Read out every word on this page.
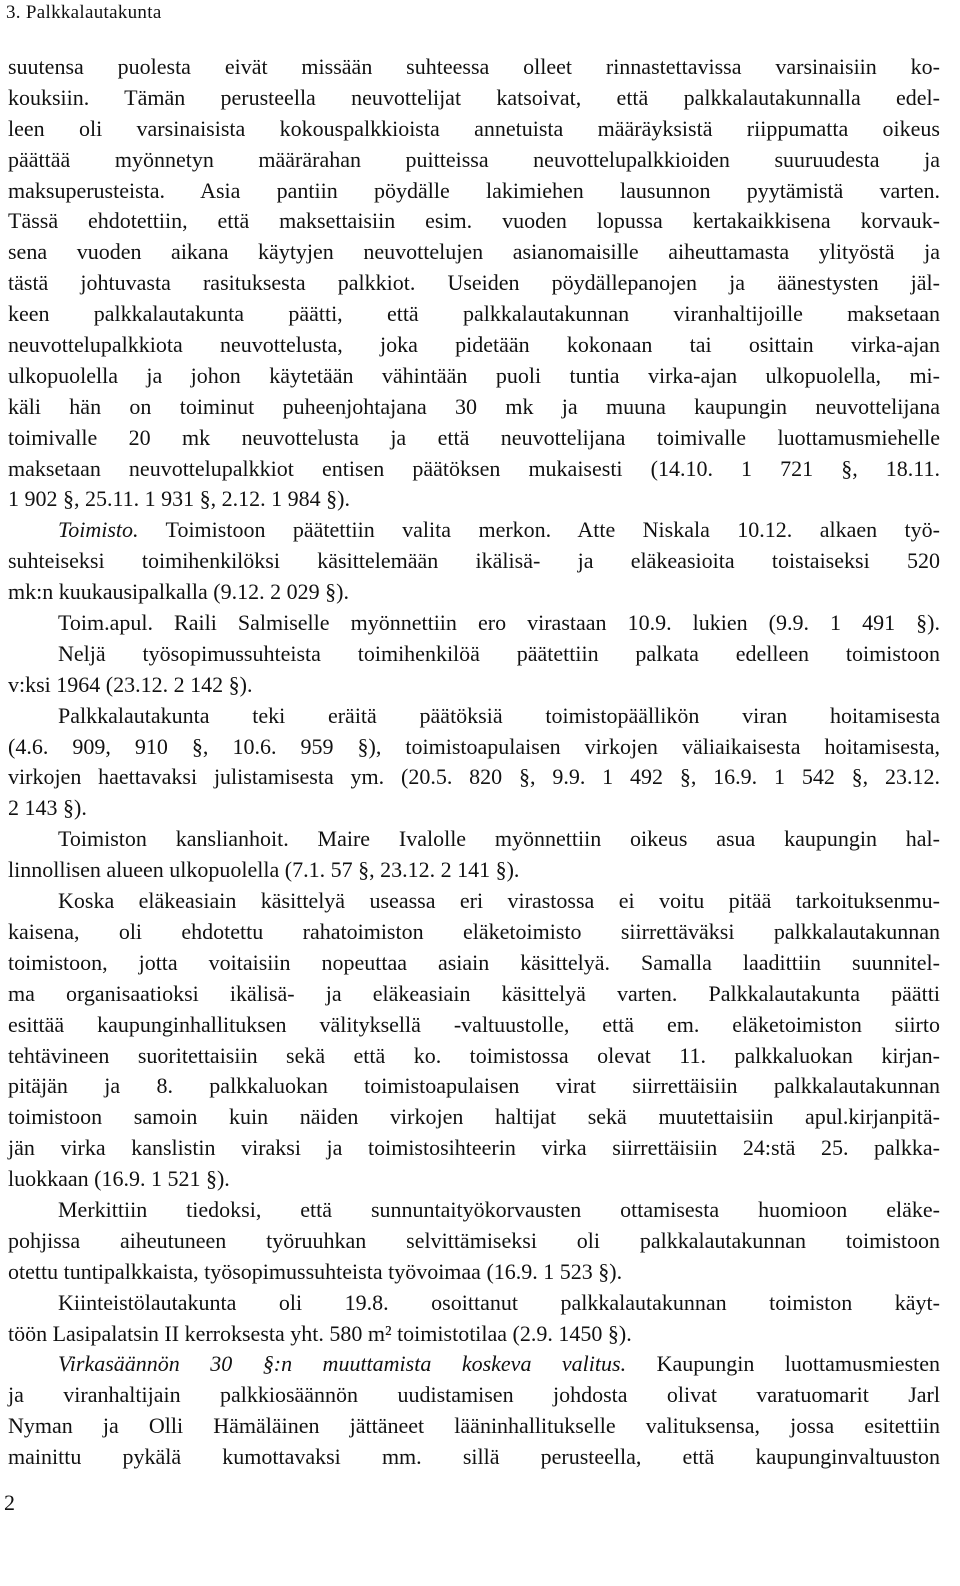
3. Palkkalautakunta
suutensa puolesta eivät missään suhteessa olleet rinnastettavissa varsinaisiin ko-
kouksiin. Tämän perusteella neuvottelijat katsoivat, että palkkalautakunnalla edel-
leen oli varsinaisista kokouspalkkioista annetuista määräyksistä riippumatta oikeus
päättää myönnetyn määrärahan puitteissa neuvottelupalkkioiden suuruudesta ja
maksuperusteista. Asia pantiin pöydälle lakimiehen lausunnon pyytämistä varten.
Tässä ehdotettiin, että maksettaisiin esim. vuoden lopussa kertakaikkisena korvauk-
sena vuoden aikana käytyjen neuvottelujen asianomaisille aiheuttamasta ylityöstä ja
tästä johtuvasta rasituksesta palkkiot. Useiden pöydällepanojen ja äänestysten jäl-
keen palkkalautakunta päätti, että palkkalautakunnan viranhaltijoille maksetaan
neuvottelupalkkiota neuvottelusta, joka pidetään kokonaan tai osittain virka-ajan
ulkopuolella ja johon käytetään vähintään puoli tuntia virka-ajan ulkopuolella, mi-
käli hän on toiminut puheenjohtajana 30 mk ja muuna kaupungin neuvottelijana
toimivalle 20 mk neuvottelusta ja että neuvottelijana toimivalle luottamusmiehelle
maksetaan neuvottelupalkkiot entisen päätöksen mukaisesti (14.10. 1 721 §, 18.11.
1 902 §, 25.11. 1 931 §, 2.12. 1 984 §).
Toimisto. Toimistoon päätettiin valita merkon. Atte Niskala 10.12. alkaen työ-
suhteiseksi toimihenkilöksi käsittelemään ikälisä- ja eläkeasioita toistaiseksi 520
mk:n kuukausipalkalla (9.12. 2 029 §).
Toim.apul. Raili Salmiselle myönnettiin ero virastaan 10.9. lukien (9.9. 1 491 §).
Neljä työsopimussuhteista toimihenkilöä päätettiin palkata edelleen toimistoon
v:ksi 1964 (23.12. 2 142 §).
Palkkalautakunta teki eräitä päätöksiä toimistopäällikön viran hoitamisesta
(4.6. 909, 910 §, 10.6. 959 §), toimistoapulaisen virkojen väliaikaisesta hoitamisesta,
virkojen haettavaksi julistamisesta ym. (20.5. 820 §, 9.9. 1 492 §, 16.9. 1 542 §, 23.12.
2 143 §).
Toimiston kanslianhoit. Maire Ivalolle myönnettiin oikeus asua kaupungin hal-
linnollisen alueen ulkopuolella (7.1. 57 §, 23.12. 2 141 §).
Koska eläkeasiain käsittelyä useassa eri virastossa ei voitu pitää tarkoituksenmu-
kaisena, oli ehdotettu rahatoimiston eläketoimisto siirrettäväksi palkkalautakunnan
toimistoon, jotta voitaisiin nopeuttaa asiain käsittelyä. Samalla laadittiin suunnitel-
ma organisaatioksi ikälisä- ja eläkeasiain käsittelyä varten. Palkkalautakunta päätti
esittää kaupunginhallituksen välityksellä -valtuustolle, että em. eläketoimiston siirto
tehtävineen suoritettaisiin sekä että ko. toimistossa olevat 11. palkkaluokan kirjan-
pitäjän ja 8. palkkaluokan toimistoapulaisen virat siirrettäisiin palkkalautakunnan
toimistoon samoin kuin näiden virkojen haltijat sekä muutettaisiin apul.kirjanpitä-
jän virka kanslistin viraksi ja toimistosihteerin virka siirrettäisiin 24:stä 25. palkka-
luokkaan (16.9. 1 521 §).
Merkittiin tiedoksi, että sunnuntaityökorvausten ottamisesta huomioon eläke-
pohjissa aiheutuneen työruuhkan selvittämiseksi oli palkkalautakunnan toimistoon
otettu tuntipalkkaista, työsopimussuhteista työvoimaa (16.9. 1 523 §).
Kiinteistölautakunta oli 19.8. osoittanut palkkalautakunnan toimiston käyt-
töön Lasipalatsin II kerroksesta yht. 580 m² toimistotilaa (2.9. 1450 §).
Virkasäännön 30 §:n muuttamista koskeva valitus. Kaupungin luottamusmiesten
ja viranhaltijain palkkiosäännön uudistamisen johdosta olivat varatuomarit Jarl
Nyman ja Olli Hämäläinen jättäneet lääninhallitukselle valituksensa, jossa esitettiin
mainittu pykälä kumottavaksi mm. sillä perusteella, että kaupunginvaltuuston
2
